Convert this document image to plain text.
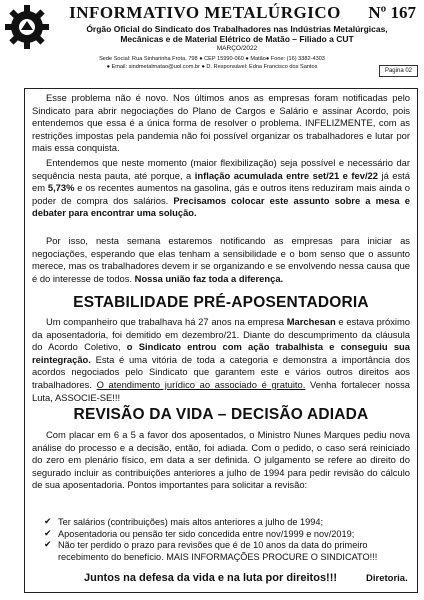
INFORMATIVO METALÚRGICO	Nº 167
Órgão Oficial do Sindicato dos Trabalhadores nas Indústrias Metalúrgicas,
Mecânicas e de Material Elétrico de Matão – Filiado a CUT
MARÇO/2022
Sede Social: Rua Sinharinha Frota, 798 ● CEP 15990-060 ● Matão● Fone: (16) 3382-4303
● Email: sindmetalmatao@uol.com.br ● D. Responsável: Edna Francisco dos Santos
Pagina 02
Esse problema não é novo. Nos últimos anos as empresas foram notificadas pelo Sindicato para abrir negociações do Plano de Cargos e Salário e assinar Acordo, pois entendemos que essa é a única forma de resolver o problema. INFELIZMENTE, com as restrições impostas pela pandemia não foi possível organizar os trabalhadores e lutar por mais essa conquista.
Entendemos que neste momento (maior flexibilização) seja possível e necessário dar sequência nesta pauta, até porque, a inflação acumulada entre set/21 e fev/22 já está em 5,73% e os recentes aumentos na gasolina, gás e outros itens reduziram mais ainda o poder de compra dos salários. Precisamos colocar este assunto sobre a mesa e debater para encontrar uma solução.
Por isso, nesta semana estaremos notificando as empresas para iniciar as negociações, esperando que elas tenham a sensibilidade e o bom senso que o assunto merece, mas os trabalhadores devem ir se organizando e se envolvendo nessa causa que é do interesse de todos. Nossa união faz toda a diferença.
ESTABILIDADE PRÉ-APOSENTADORIA
Um companheiro que trabalhava há 27 anos na empresa Marchesan e estava próximo da aposentadoria, foi demitido em dezembro/21. Diante do descumprimento da cláusula do Acordo Coletivo, o Sindicato entrou com ação trabalhista e conseguiu sua reintegração. Esta é uma vitória de toda a categoria e demonstra a importância dos acordos negociados pelo Sindicato que garantem este e vários outros direitos aos trabalhadores. O atendimento jurídico ao associado é gratuito. Venha fortalecer nossa Luta, ASSOCIE-SE!!!
REVISÃO DA VIDA – DECISÃO ADIADA
Com placar em 6 a 5 a favor dos aposentados, o Ministro Nunes Marques pediu nova análise do processo e a decisão, então, foi adiada. Com o pedido, o caso será reiniciado do zero em plenário físico, em data a ser definida. O julgamento se refere ao direito do segurado incluir as contribuições anteriores a julho de 1994 para pedir revisão do cálculo de sua aposentadoria. Pontos importantes para solicitar a revisão:
✔ Ter salários (contribuições) mais altos anteriores a julho de 1994;
✔ Aposentadoria ou pensão ter sido concedida entre nov/1999 e nov/2019;
✔ Não ter perdido o prazo para revisões que é de 10 anos da data do primeiro recebimento do benefício. MAIS INFORMAÇÕES PROCURE O SINDICATO!!!
Juntos na defesa da vida e na luta por direitos!!!	Diretoria.
